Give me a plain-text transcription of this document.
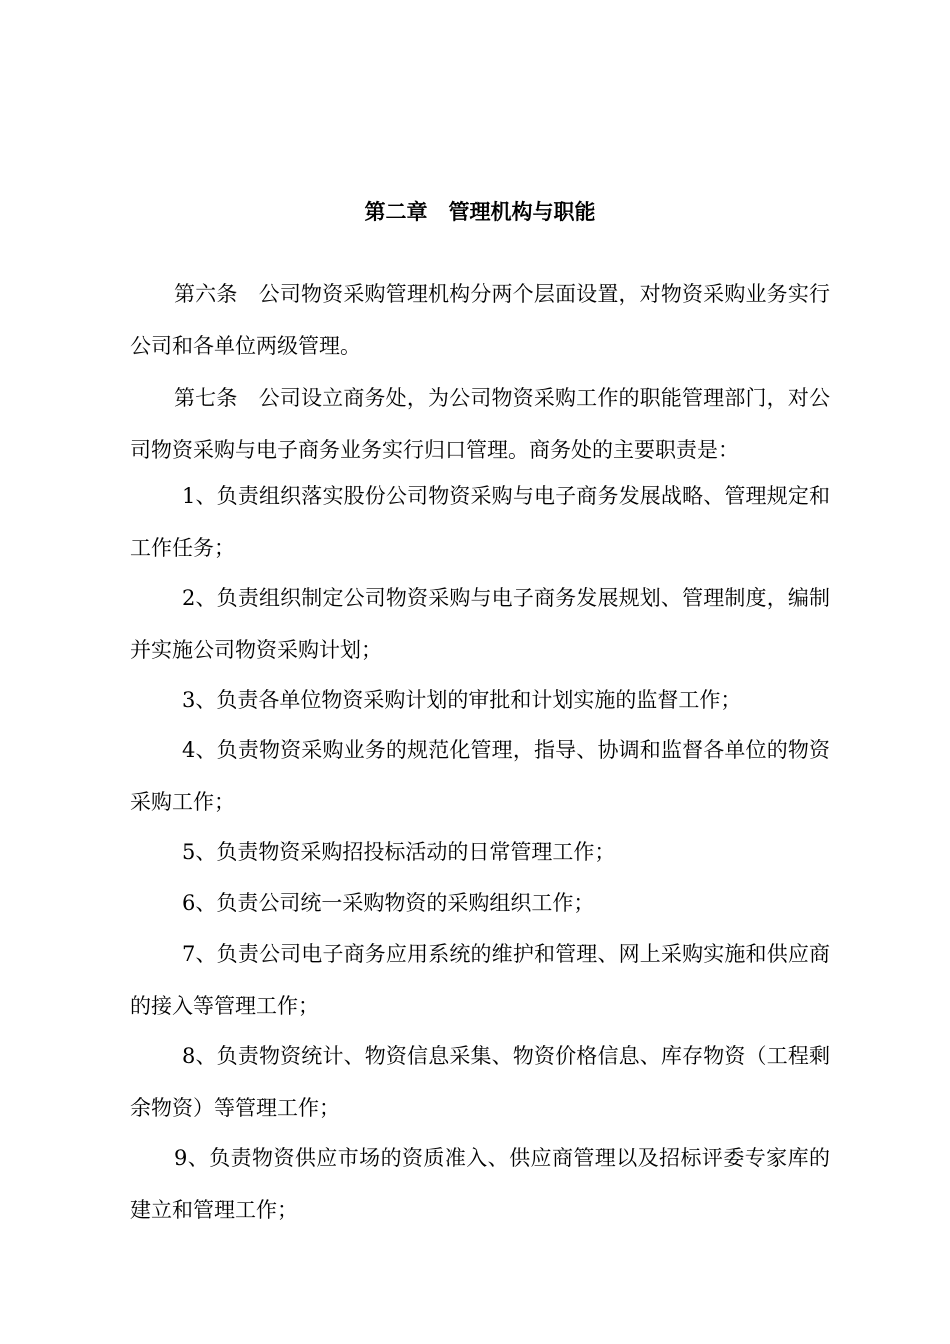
第二章　管理机构与职能

第六条　公司物资采购管理机构分两个层面设置，对物资采购业务实行公司和各单位两级管理。

第七条　公司设立商务处，为公司物资采购工作的职能管理部门，对公司物资采购与电子商务业务实行归口管理。商务处的主要职责是：

1、负责组织落实股份公司物资采购与电子商务发展战略、管理规定和工作任务；

2、负责组织制定公司物资采购与电子商务发展规划、管理制度，编制并实施公司物资采购计划；

3、负责各单位物资采购计划的审批和计划实施的监督工作；

4、负责物资采购业务的规范化管理，指导、协调和监督各单位的物资采购工作；

5、负责物资采购招投标活动的日常管理工作；

6、负责公司统一采购物资的采购组织工作；

7、负责公司电子商务应用系统的维护和管理、网上采购实施和供应商的接入等管理工作；

8、负责物资统计、物资信息采集、物资价格信息、库存物资（工程剩余物资）等管理工作；

9、负责物资供应市场的资质准入、供应商管理以及招标评委专家库的建立和管理工作；
